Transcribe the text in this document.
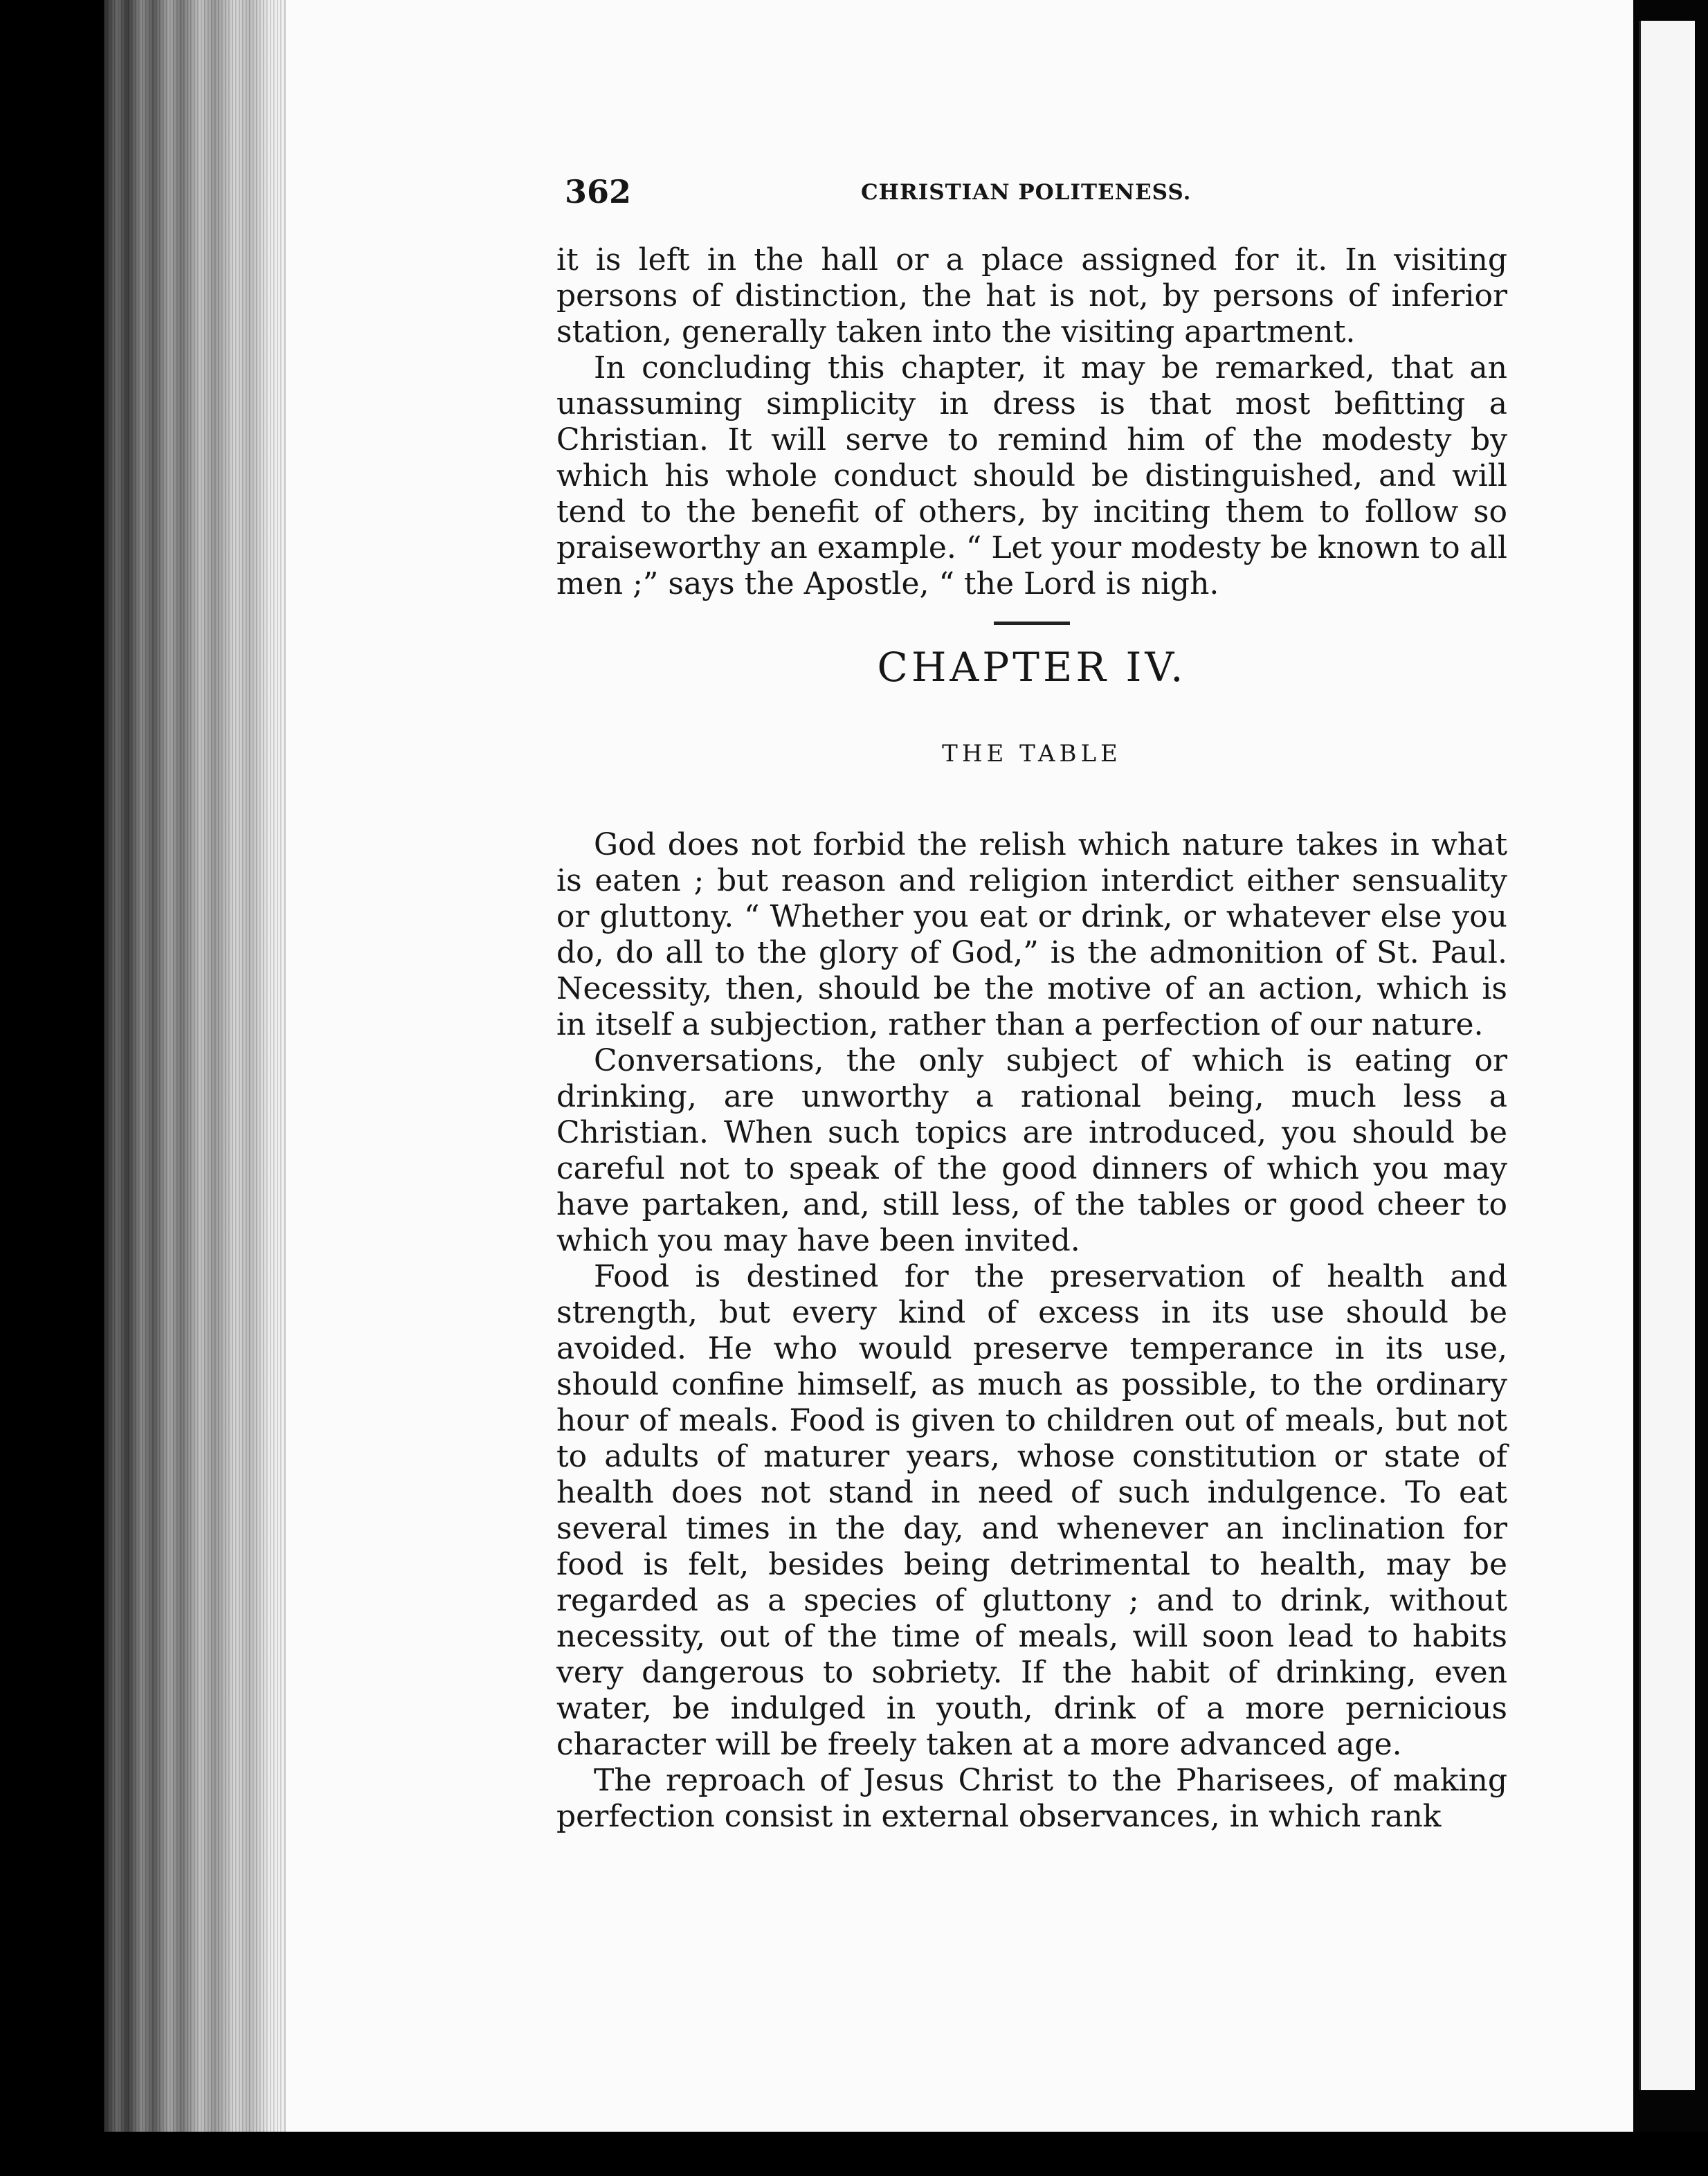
362	CHRISTIAN POLITENESS.

it is left in the hall or a place assigned for it. In visiting persons of distinction, the hat is not, by persons of inferior station, generally taken into the visiting apartment.

In concluding this chapter, it may be remarked, that an unassuming simplicity in dress is that most befitting a Christian. It will serve to remind him of the modesty by which his whole conduct should be distinguished, and will tend to the benefit of others, by inciting them to follow so praiseworthy an example. “ Let your modesty be known to all men ;” says the Apostle, “ the Lord is nigh.

CHAPTER IV.
THE TABLE

God does not forbid the relish which nature takes in what is eaten ; but reason and religion interdict either sensuality or gluttony. “ Whether you eat or drink, or whatever else you do, do all to the glory of God,” is the admonition of St. Paul. Necessity, then, should be the motive of an action, which is in itself a subjection, rather than a perfection of our nature.

Conversations, the only subject of which is eating or drinking, are unworthy a rational being, much less a Christian. When such topics are introduced, you should be careful not to speak of the good dinners of which you may have partaken, and, still less, of the tables or good cheer to which you may have been invited.

Food is destined for the preservation of health and strength, but every kind of excess in its use should be avoided. He who would preserve temperance in its use, should confine himself, as much as possible, to the ordinary hour of meals. Food is given to children out of meals, but not to adults of maturer years, whose constitution or state of health does not stand in need of such indulgence. To eat several times in the day, and whenever an inclination for food is felt, besides being detrimental to health, may be regarded as a species of gluttony ; and to drink, without necessity, out of the time of meals, will soon lead to habits very dangerous to sobriety. If the habit of drinking, even water, be indulged in youth, drink of a more pernicious character will be freely taken at a more advanced age.

The reproach of Jesus Christ to the Pharisees, of making perfection consist in external observances, in which rank
